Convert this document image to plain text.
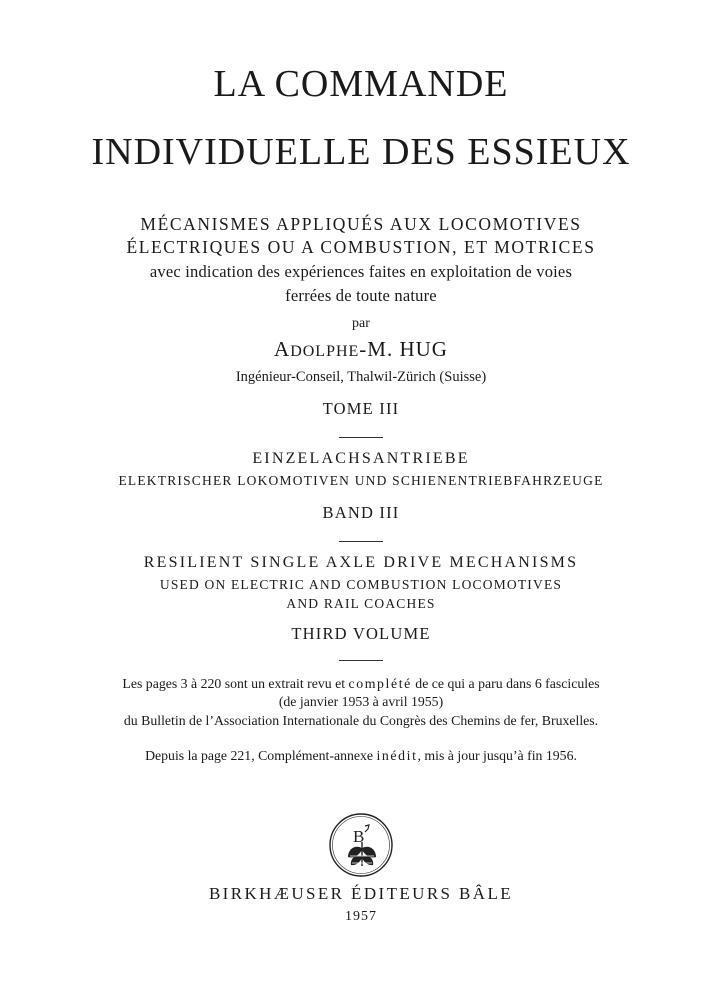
LA COMMANDE
INDIVIDUELLE DES ESSIEUX
MÉCANISMES APPLIQUÉS AUX LOCOMOTIVES
ÉLECTRIQUES OU A COMBUSTION, ET MOTRICES
avec indication des expériences faites en exploitation de voies
ferrées de toute nature
par
ADOLPHE-M. HUG
Ingénieur-Conseil, Thalwil-Zürich (Suisse)
TOME III
EINZELACHSANTRIEBE
ELEKTRISCHER LOKOMOTIVEN UND SCHIENENTRIEBFAHRZEUGE
BAND III
RESILIENT SINGLE AXLE DRIVE MECHANISMS
USED ON ELECTRIC AND COMBUSTION LOCOMOTIVES
AND RAIL COACHES
THIRD VOLUME
Les pages 3 à 220 sont un extrait revu et complété de ce qui a paru dans 6 fascicules
(de janvier 1953 à avril 1955)
du Bulletin de l’Association Internationale du Congrès des Chemins de fer, Bruxelles.
Depuis la page 221, Complément-annexe inédit, mis à jour jusqu’à fin 1956.
B
BIRKHÆUSER ÉDITEURS BÂLE
1957
